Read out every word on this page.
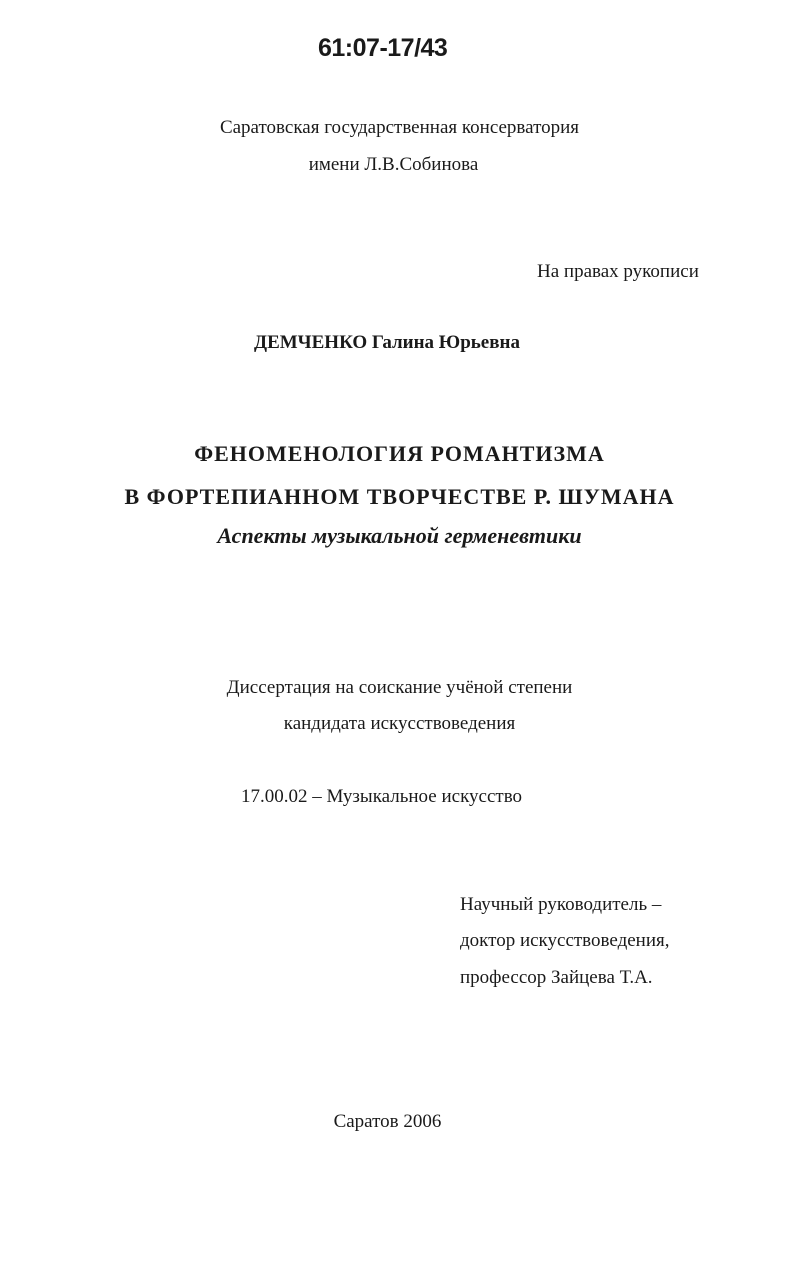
61:07-17/43
Саратовская государственная консерватория
имени Л.В.Собинова
На правах рукописи
ДЕМЧЕНКО Галина Юрьевна
ФЕНОМЕНОЛОГИЯ РОМАНТИЗМА
В ФОРТЕПИАННОМ ТВОРЧЕСТВЕ Р. ШУМАНА
Аспекты музыкальной герменевтики
Диссертация на соискание учёной степени
кандидата искусствоведения
17.00.02 – Музыкальное искусство
Научный руководитель –
доктор искусствоведения,
профессор Зайцева Т.А.
Саратов 2006
